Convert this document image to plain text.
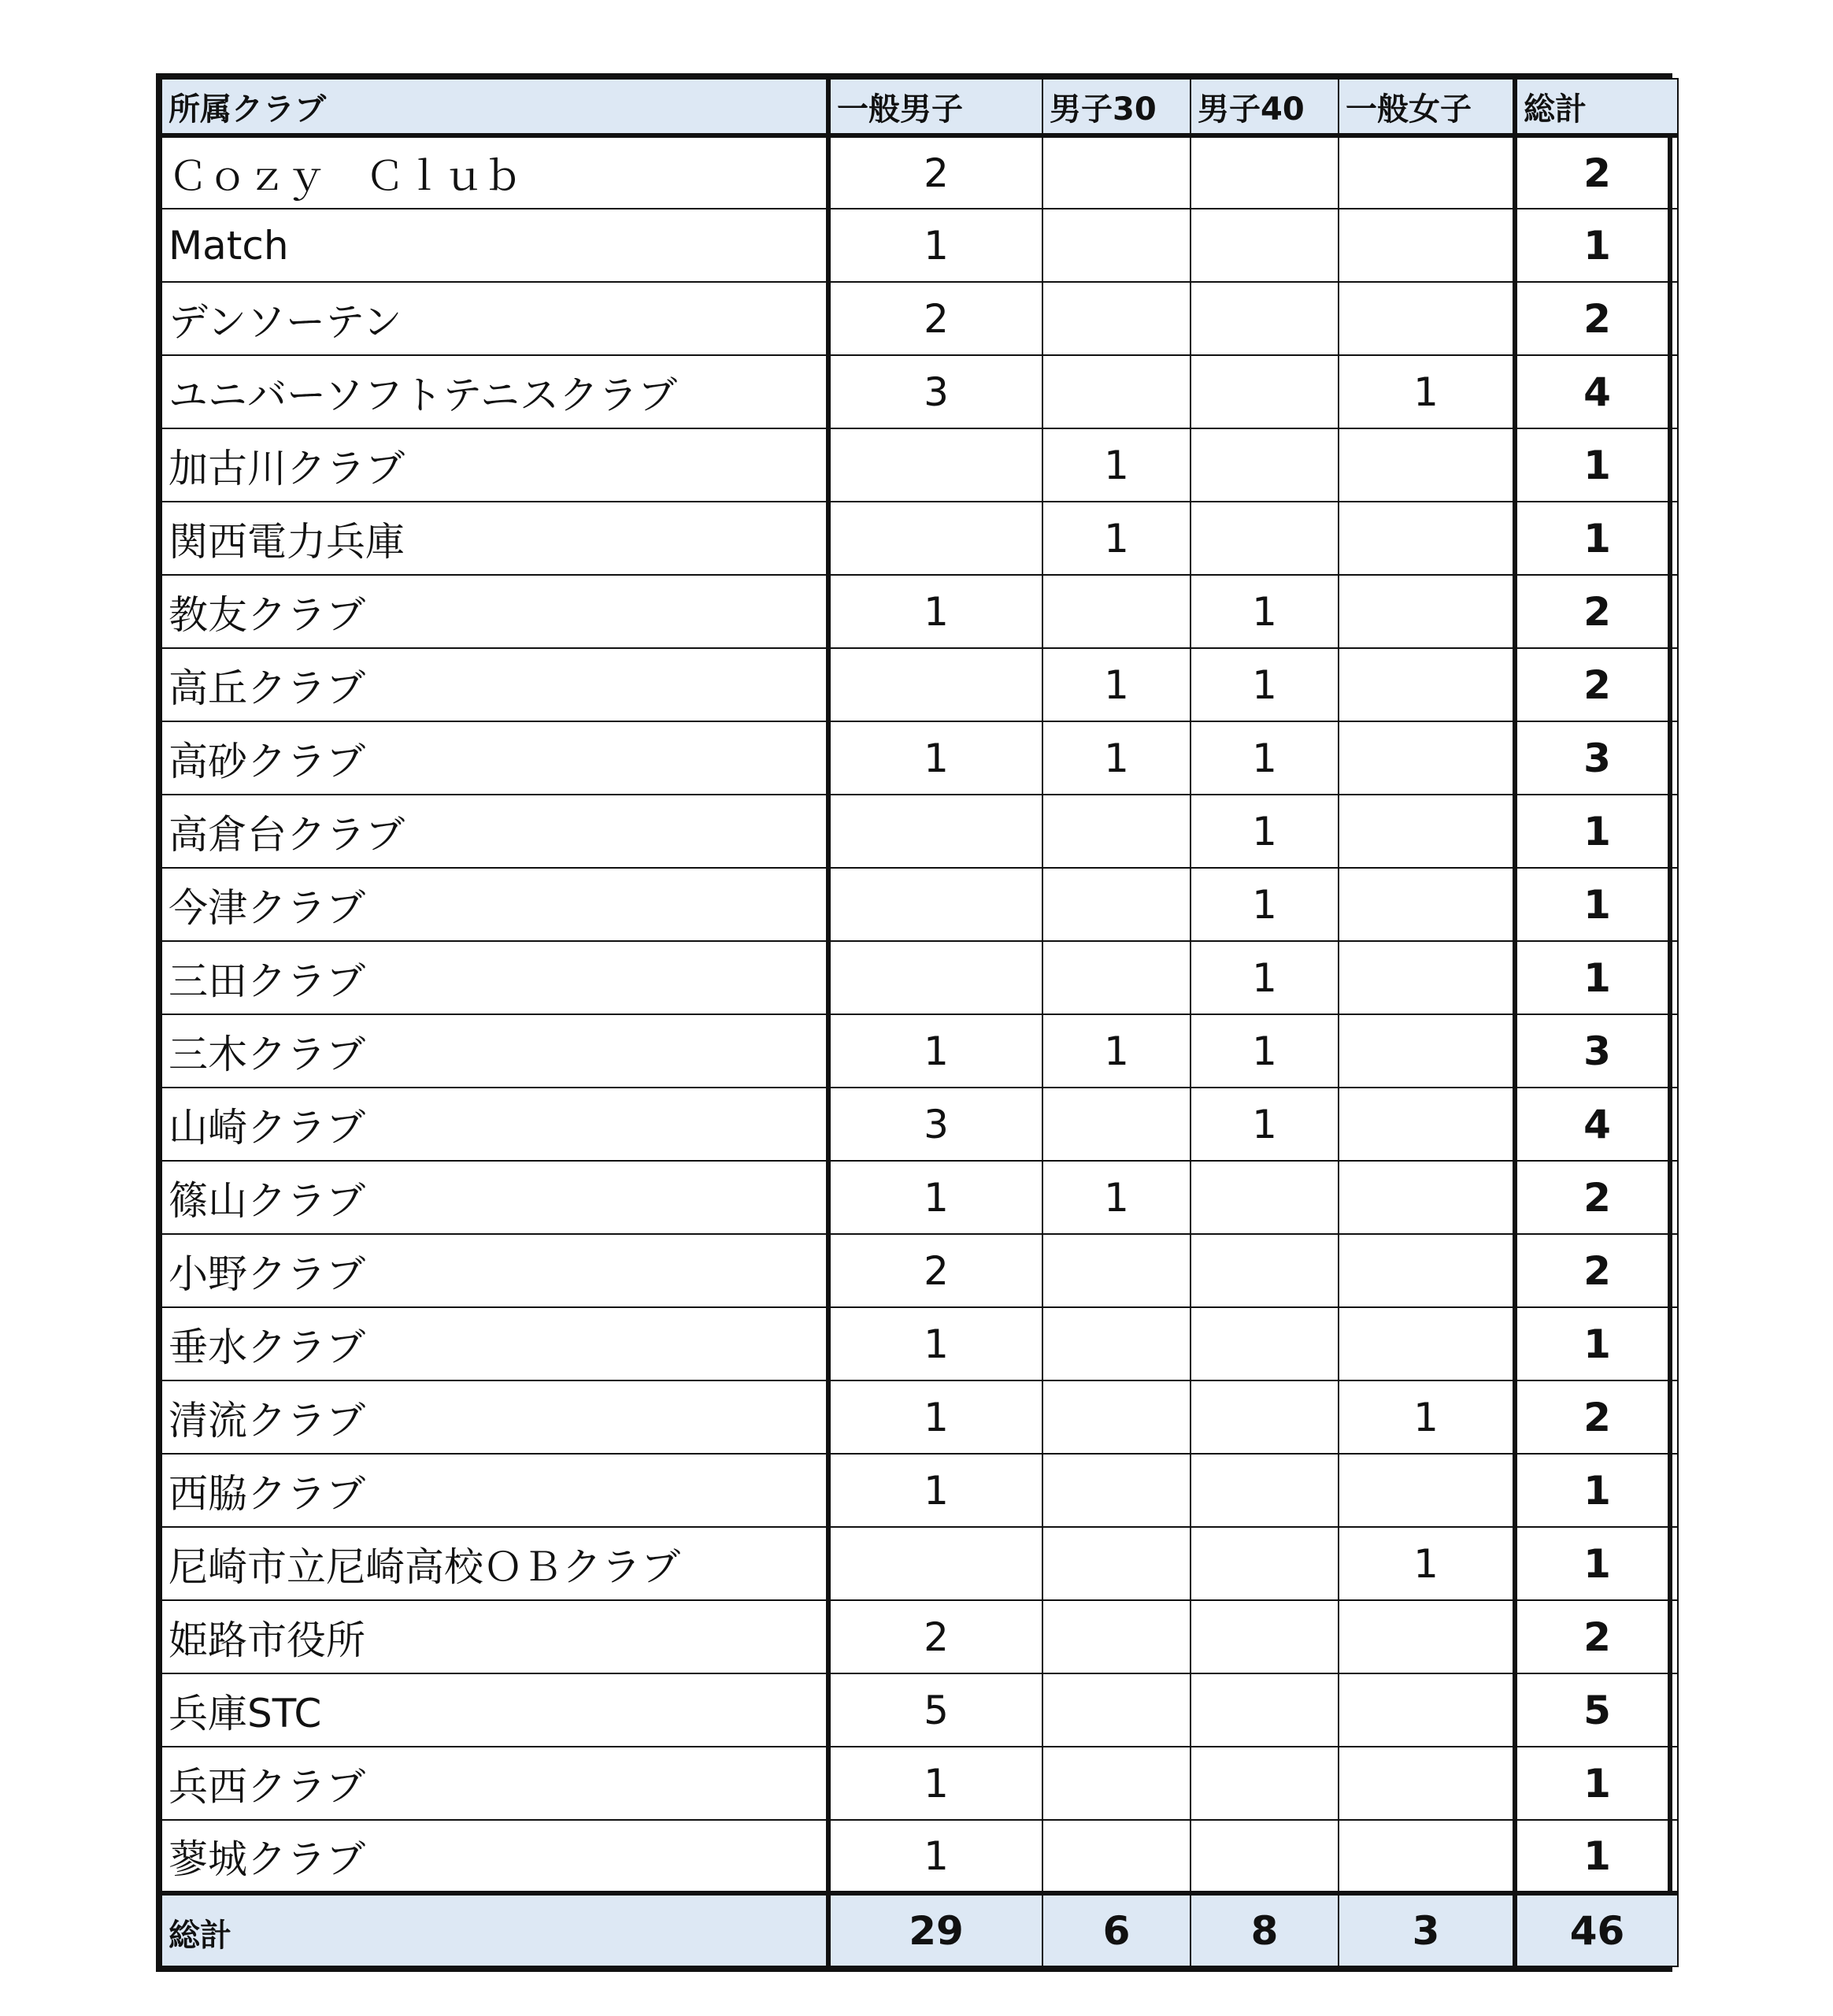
所属クラブ	一般男子	男子30	男子40	一般女子	総計
Ｃｏｚｙ　Ｃｌｕｂ	2				2
Match	1				1
デンソーテン	2				2
ユニバーソフトテニスクラブ	3			1	4
加古川クラブ		1			1
関西電力兵庫		1			1
教友クラブ	1		1		2
高丘クラブ		1	1		2
高砂クラブ	1	1	1		3
高倉台クラブ			1		1
今津クラブ			1		1
三田クラブ			1		1
三木クラブ	1	1	1		3
山崎クラブ	3		1		4
篠山クラブ	1	1			2
小野クラブ	2				2
垂水クラブ	1				1
清流クラブ	1			1	2
西脇クラブ	1				1
尼崎市立尼崎高校ＯＢクラブ				1	1
姫路市役所	2				2
兵庫STC	5				5
兵西クラブ	1				1
蓼城クラブ	1				1
総計	29	6	8	3	46
